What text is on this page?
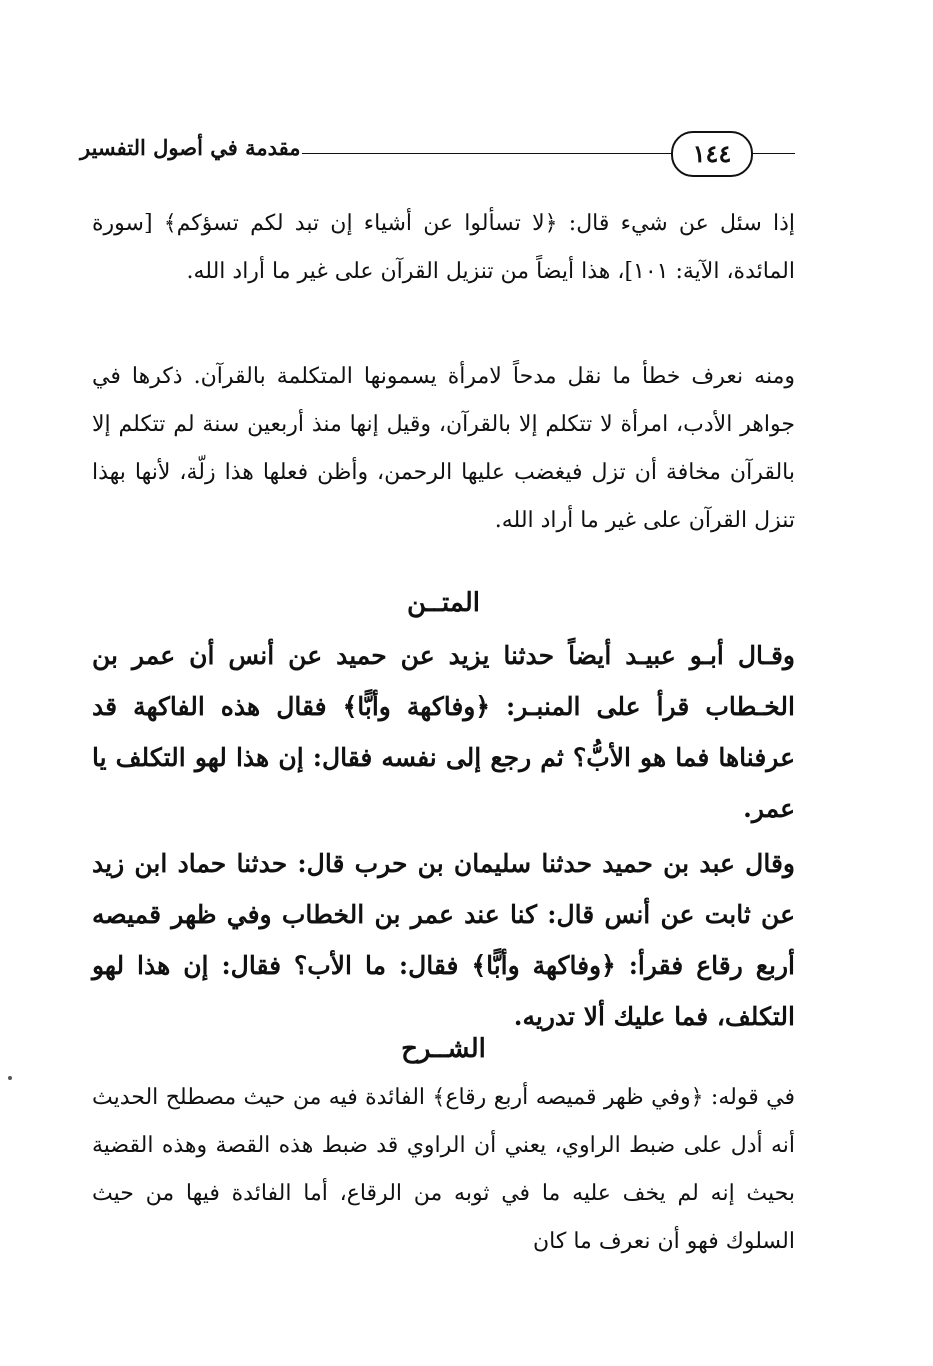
مقدمة في أصول التفسير	١٤٤

إذا سئل عن شيء قال: ﴿لا تسألوا عن أشياء إن تبد لكم تسؤكم﴾ [سورة المائدة، الآية: ١٠١]، هذا أيضاً من تنزيل القرآن على غير ما أراد الله.

ومنه نعرف خطأ ما نقل مدحاً لامرأة يسمونها المتكلمة بالقرآن. ذكرها في جواهر الأدب، امرأة لا تتكلم إلا بالقرآن، وقيل إنها منذ أربعين سنة لم تتكلم إلا بالقرآن مخافة أن تزل فيغضب عليها الرحمن، وأظن فعلها هذا زلّة، لأنها بهذا تنزل القرآن على غير ما أراد الله.

المتــن

وقـال أبـو عبيـد أيضاً حدثنا يزيد عن حميد عن أنس أن عمر بن الخـطاب قرأ على المنبـر: ﴿وفاكهة وأبًّا﴾ فقال هذه الفاكهة قد عرفناها فما هو الأبُّ؟ ثم رجع إلى نفسه فقال: إن هذا لهو التكلف يا عمر.

وقال عبد بن حميد حدثنا سليمان بن حرب قال: حدثنا حماد ابن زيد عن ثابت عن أنس قال: كنا عند عمر بن الخطاب وفي ظهر قميصه أربع رقاع فقرأ: ﴿وفاكهة وأبًّا﴾ فقال: ما الأب؟ فقال: إن هذا لهو التكلف، فما عليك ألا تدريه.

الشــرح

في قوله: ﴿وفي ظهر قميصه أربع رقاع﴾ الفائدة فيه من حيث مصطلح الحديث أنه أدل على ضبط الراوي، يعني أن الراوي قد ضبط هذه القصة وهذه القضية بحيث إنه لم يخف عليه ما في ثوبه من الرقاع، أما الفائدة فيها من حيث السلوك فهو أن نعرف ما كان
